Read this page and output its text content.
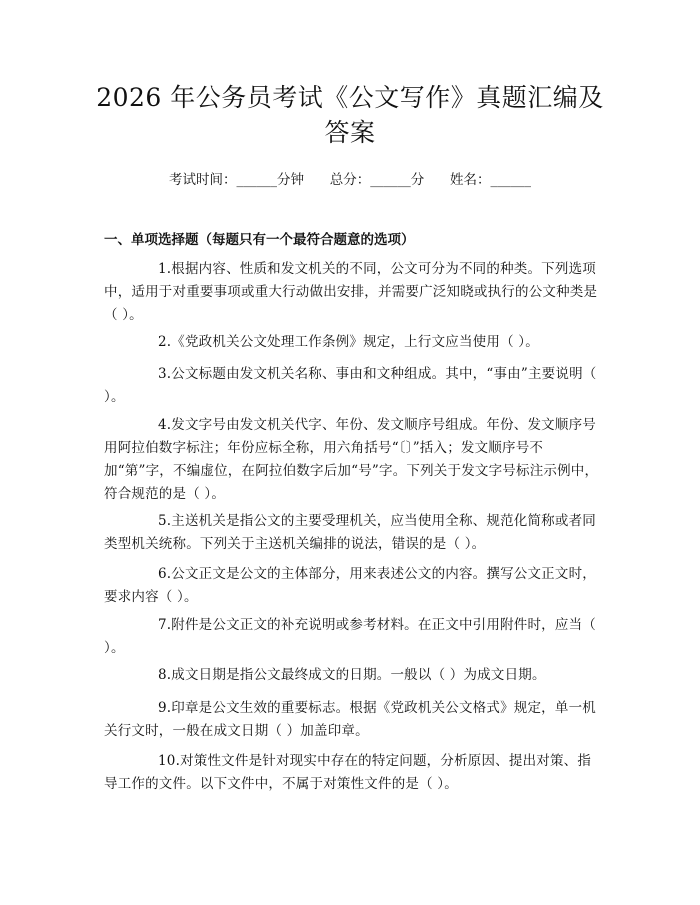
2026 年公务员考试《公文写作》真题汇编及答案
考试时间：______分钟      总分：______分      姓名：______
一、单项选择题（每题只有一个最符合题意的选项）

1.根据内容、性质和发文机关的不同，公文可分为不同的种类。下列选项中，适用于对重要事项或重大行动做出安排，并需要广泛知晓或执行的公文种类是（ ）。

2.《党政机关公文处理工作条例》规定，上行文应当使用（ ）。

3.公文标题由发文机关名称、事由和文种组成。其中，“事由”主要说明（ ）。

4.发文字号由发文机关代字、年份、发文顺序号组成。年份、发文顺序号用阿拉伯数字标注；年份应标全称，用六角括号“〔〕”括入；发文顺序号不加“第”字，不编虚位，在阿拉伯数字后加“号”字。下列关于发文字号标注示例中，符合规范的是（ ）。

5.主送机关是指公文的主要受理机关，应当使用全称、规范化简称或者同类型机关统称。下列关于主送机关编排的说法，错误的是（ ）。

6.公文正文是公文的主体部分，用来表述公文的内容。撰写公文正文时，要求内容（ ）。

7.附件是公文正文的补充说明或参考材料。在正文中引用附件时，应当（ ）。

8.成文日期是指公文最终成文的日期。一般以（ ）为成文日期。

9.印章是公文生效的重要标志。根据《党政机关公文格式》规定，单一机关行文时，一般在成文日期（ ）加盖印章。

10.对策性文件是针对现实中存在的特定问题，分析原因、提出对策、指导工作的文件。以下文件中，不属于对策性文件的是（ ）。
